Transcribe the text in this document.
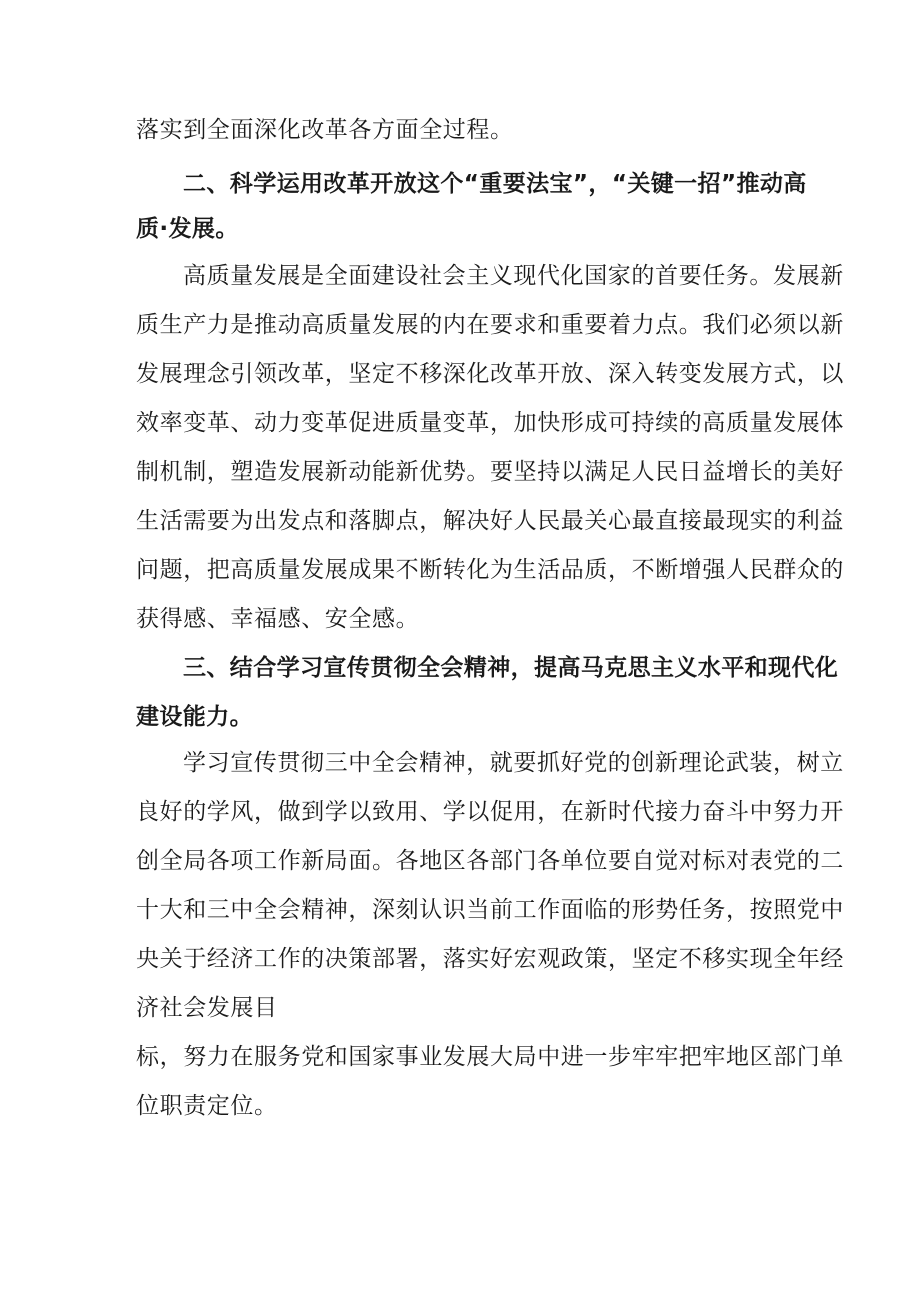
落实到全面深化改革各方面全过程。
二、科学运用改革开放这个“重要法宝”，“关键一招”推动高
质·发展。
高质量发展是全面建设社会主义现代化国家的首要任务。发展新
质生产力是推动高质量发展的内在要求和重要着力点。我们必须以新
发展理念引领改革，坚定不移深化改革开放、深入转变发展方式，以
效率变革、动力变革促进质量变革，加快形成可持续的高质量发展体
制机制，塑造发展新动能新优势。要坚持以满足人民日益增长的美好
生活需要为出发点和落脚点，解决好人民最关心最直接最现实的利益
问题，把高质量发展成果不断转化为生活品质，不断增强人民群众的
获得感、幸福感、安全感。
三、结合学习宣传贯彻全会精神，提高马克思主义水平和现代化
建设能力。
学习宣传贯彻三中全会精神，就要抓好党的创新理论武装，树立
良好的学风，做到学以致用、学以促用，在新时代接力奋斗中努力开
创全局各项工作新局面。各地区各部门各单位要自觉对标对表党的二
十大和三中全会精神，深刻认识当前工作面临的形势任务，按照党中
央关于经济工作的决策部署，落实好宏观政策，坚定不移实现全年经
济社会发展目
标，努力在服务党和国家事业发展大局中进一步牢牢把牢地区部门单
位职责定位。
